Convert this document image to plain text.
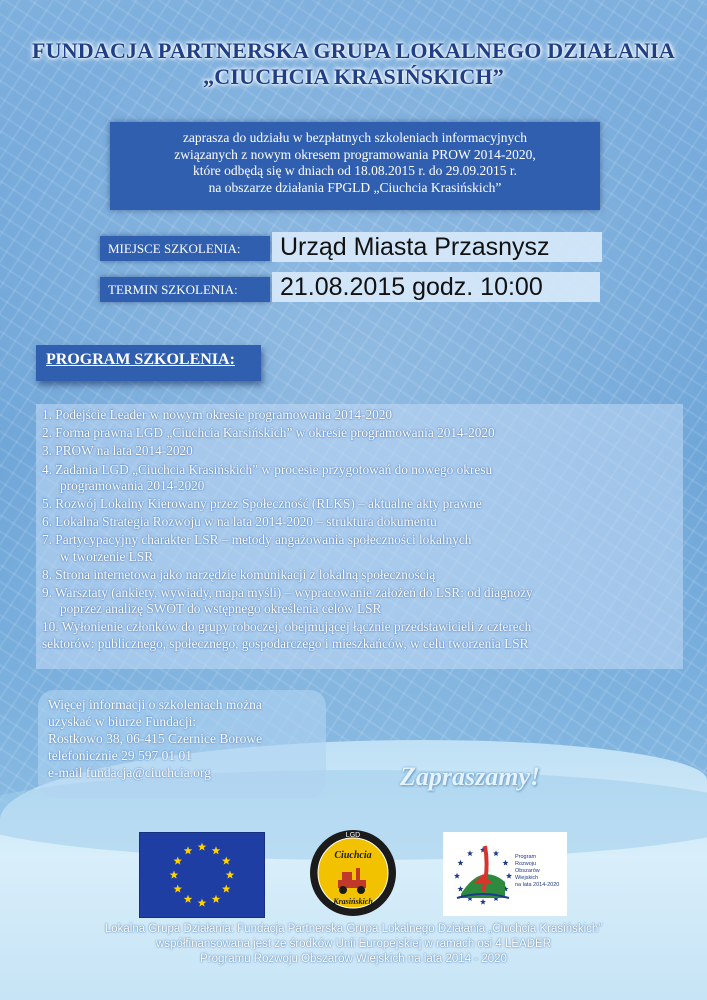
FUNDACJA PARTNERSKA GRUPA LOKALNEGO DZIAŁANIA
„CIUCHCIA KRASIŃSKICH”
zaprasza do udziału w bezpłatnych szkoleniach informacyjnych
związanych z nowym okresem programowania PROW 2014-2020,
które odbędą się w dniach od 18.08.2015 r. do 29.09.2015 r.
na obszarze działania FPGLD „Ciuchcia Krasińskich”
MIEJSCE SZKOLENIA:	Urząd Miasta Przasnysz
TERMIN SZKOLENIA:	21.08.2015 godz. 10:00
PROGRAM SZKOLENIA:
1. Podejście Leader w nowym okresie programowania 2014-2020
2. Forma prawna LGD „Ciuchcia Karsińskich” w okresie programowania 2014-2020
3. PROW na lata 2014-2020
4. Zadania LGD „Ciuchcia Krasińskich” w procesie przygotowań do nowego okresu
programowania 2014-2020
5. Rozwój Lokalny Kierowany przez Społeczność (RLKS) – aktualne akty prawne
6. Lokalna Strategia Rozwoju w na lata 2014-2020 – struktura dokumentu
7. Partycypacyjny charakter LSR – metody angażowania społeczności lokalnych
w tworzenie LSR
8. Strona internetowa jako narzędzie komunikacji z lokalną społecznością
9. Warsztaty (ankiety, wywiady, mapa myśli) – wypracowanie założeń do LSR: od diagnozy
poprzez analizę SWOT do wstępnego określenia celów LSR
10. Wyłonienie członków do grupy roboczej, obejmującej łącznie przedstawicieli z czterech
sektorów: publicznego, społecznego, gospodarczego i mieszkańców, w celu tworzenia LSR
Więcej informacji o szkoleniach można
uzyskać w biurze Fundacji:
Rostkowo 38, 06-415 Czernice Borowe
telefonicznie 29 597 01 01
e-mail fundacja@ciuchcia.org	Zapraszamy!
LGD
Ciuchcia
Krasińskich
Program
Rozwoju
Obszarów
Wiejskich
na lata 2014-2020
Lokalna Grupa Działania: Fundacja Partnerska Grupa Lokalnego Działania „Ciuchcia Krasińskich”
współfinansowana jest ze środków Unii Europejskiej w ramach osi 4 LEADER
Programu Rozwoju Obszarów Wiejskich na lata 2014 - 2020
